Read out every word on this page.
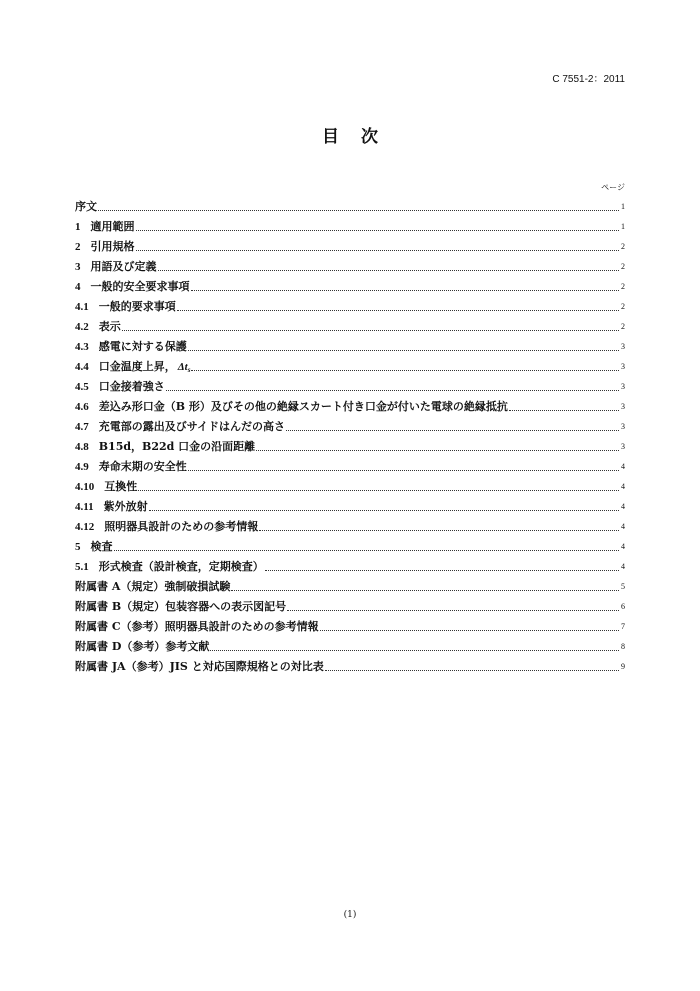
C 7551-2：2011
目 次
ページ
序文	1
1 適用範囲	1
2 引用規格	2
3 用語及び定義	2
4 一般的安全要求事項	2
4.1 一般的要求事項	2
4.2 表示	2
4.3 感電に対する保護	3
4.4 口金温度上昇， $\Delta t_s$	3
4.5 口金接着強さ	3
4.6 差込み形口金（B 形）及びその他の絶縁スカート付き口金が付いた電球の絶縁抵抗	3
4.7 充電部の露出及びサイドはんだの高さ	3
4.8 B15d，B22d 口金の沿面距離	3
4.9 寿命末期の安全性	4
4.10 互換性	4
4.11 紫外放射	4
4.12 照明器具設計のための参考情報	4
5 検査	4
5.1 形式検査（設計検査，定期検査）	4
附属書 A（規定）強制破損試験	5
附属書 B（規定）包装容器への表示図記号	6
附属書 C（参考）照明器具設計のための参考情報	7
附属書 D（参考）参考文献	8
附属書 JA（参考）JIS と対応国際規格との対比表	9
(1)
